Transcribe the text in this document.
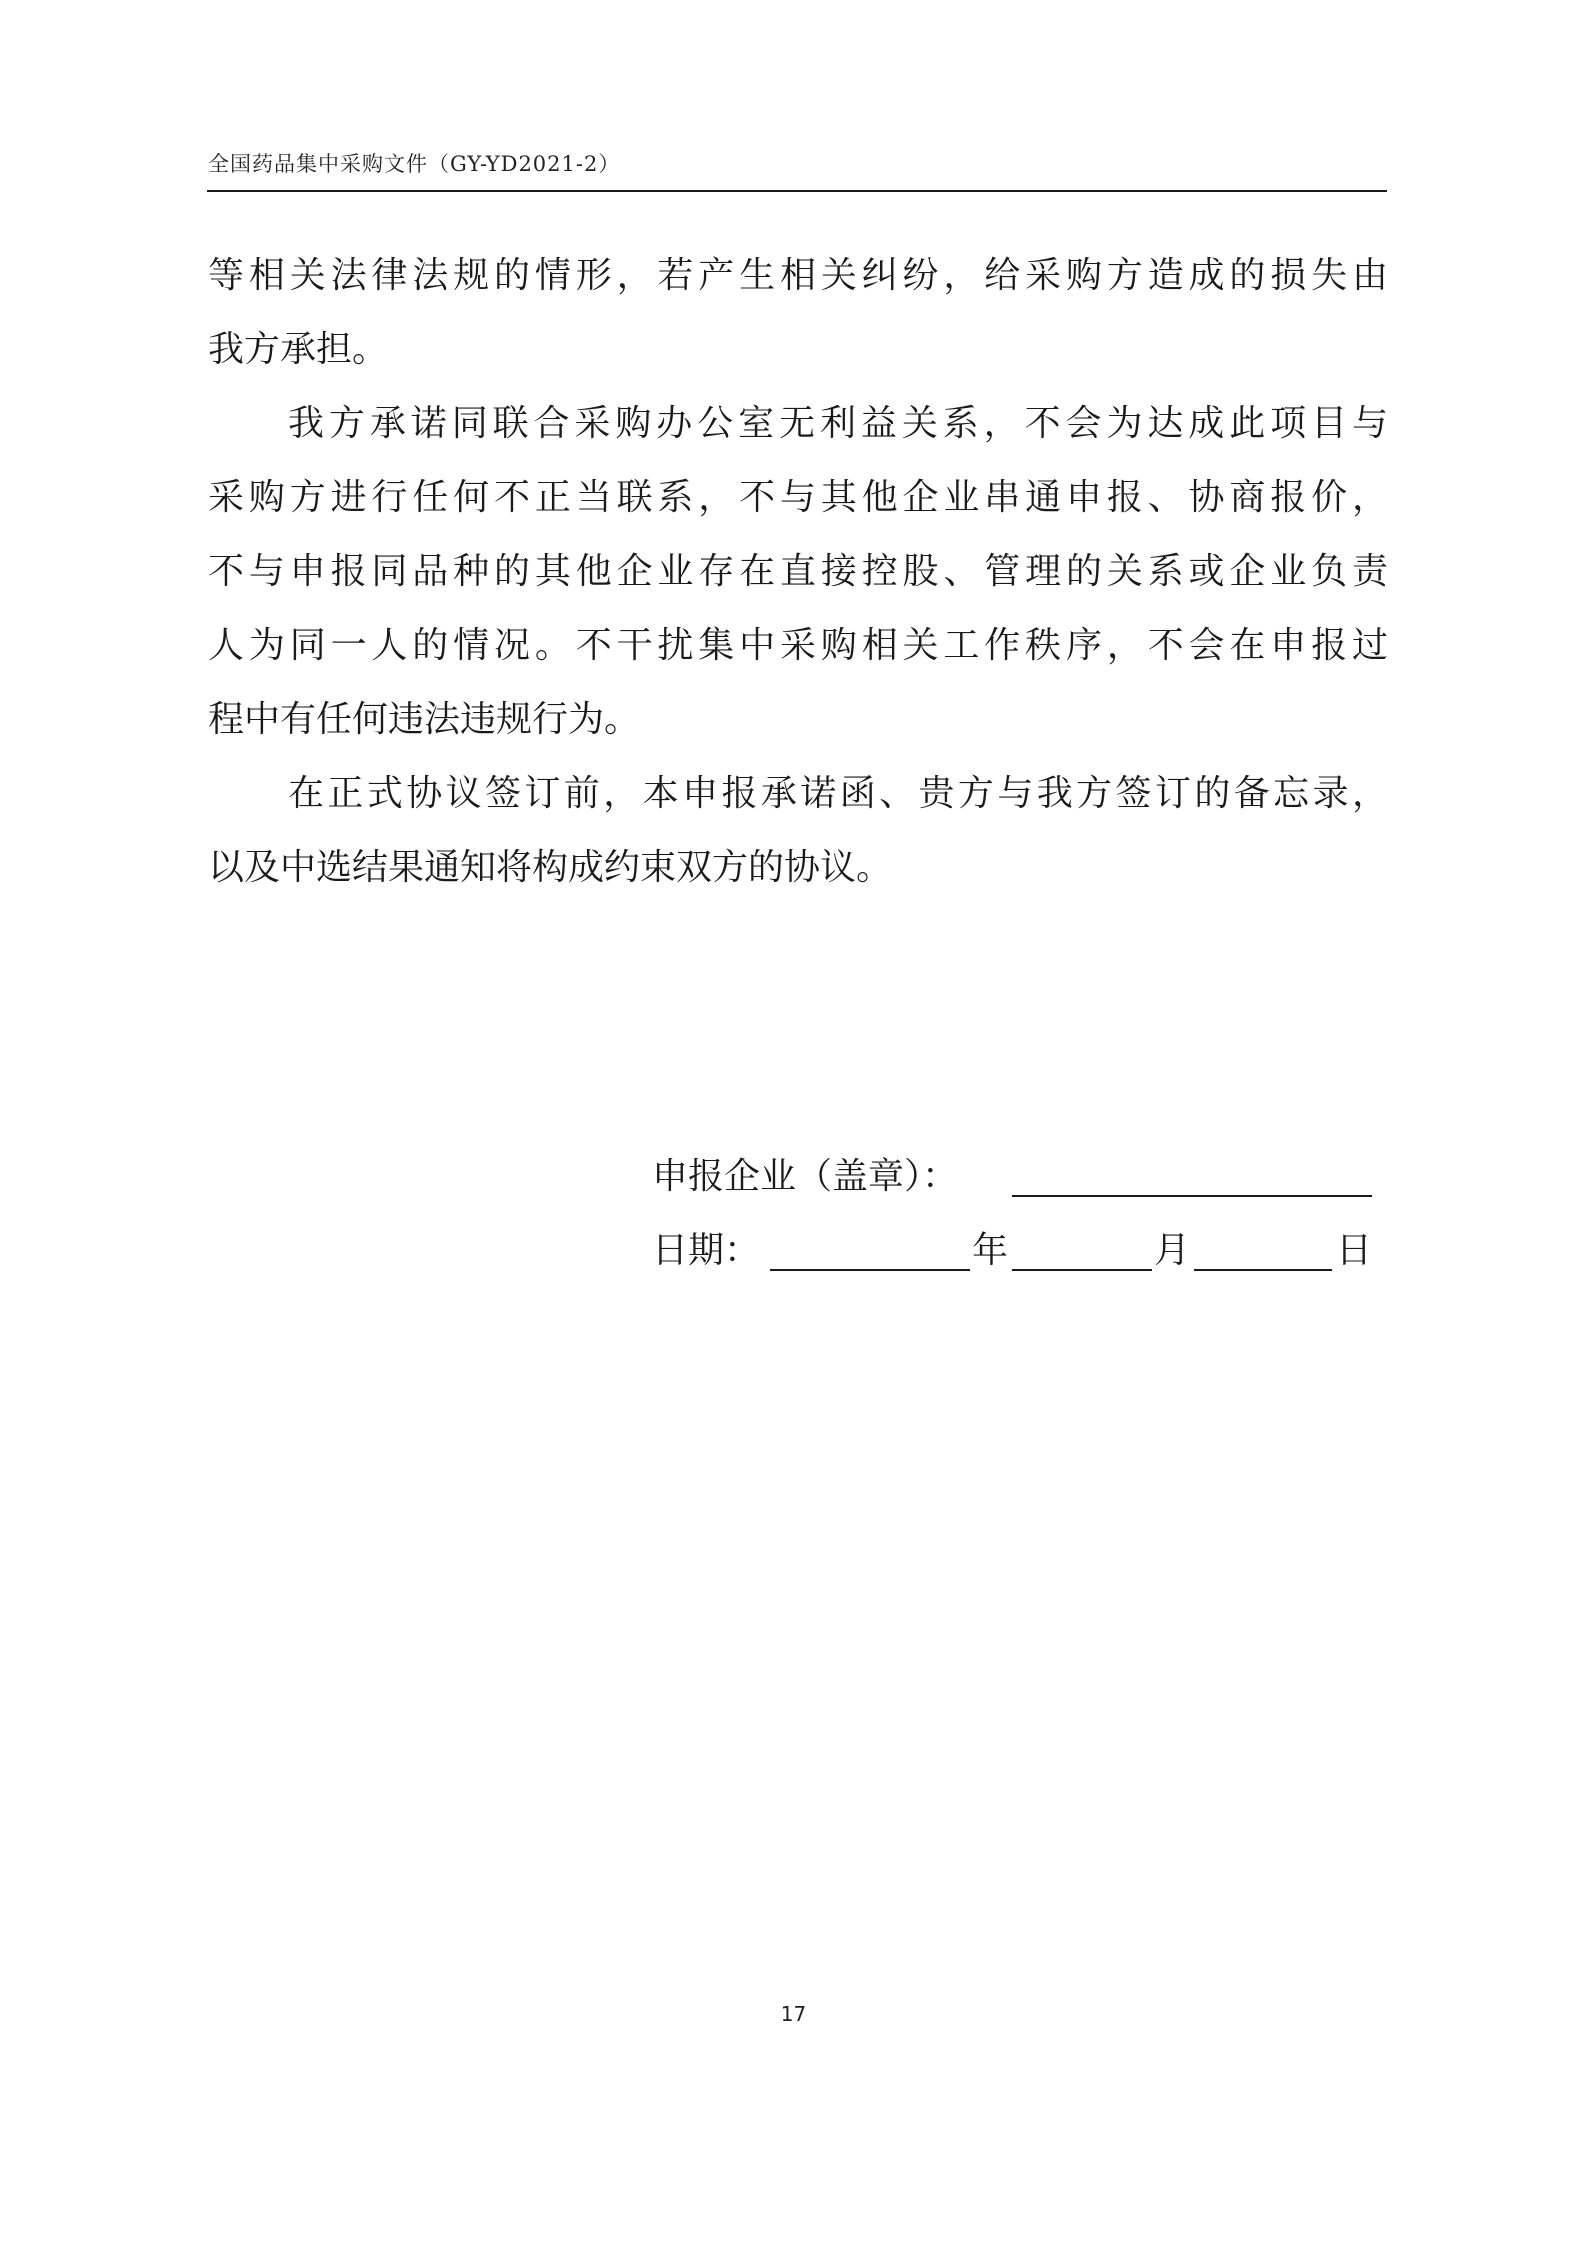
全国药品集中采购文件（GY-YD2021-2）
等相关法律法规的情形，若产生相关纠纷，给采购方造成的损失由
我方承担。
我方承诺同联合采购办公室无利益关系，不会为达成此项目与
采购方进行任何不正当联系，不与其他企业串通申报、协商报价，
不与申报同品种的其他企业存在直接控股、管理的关系或企业负责
人为同一人的情况。不干扰集中采购相关工作秩序，不会在申报过
程中有任何违法违规行为。
在正式协议签订前，本申报承诺函、贵方与我方签订的备忘录，
以及中选结果通知将构成约束双方的协议。
申报企业（盖章）：
日期：	年	月	日
17
